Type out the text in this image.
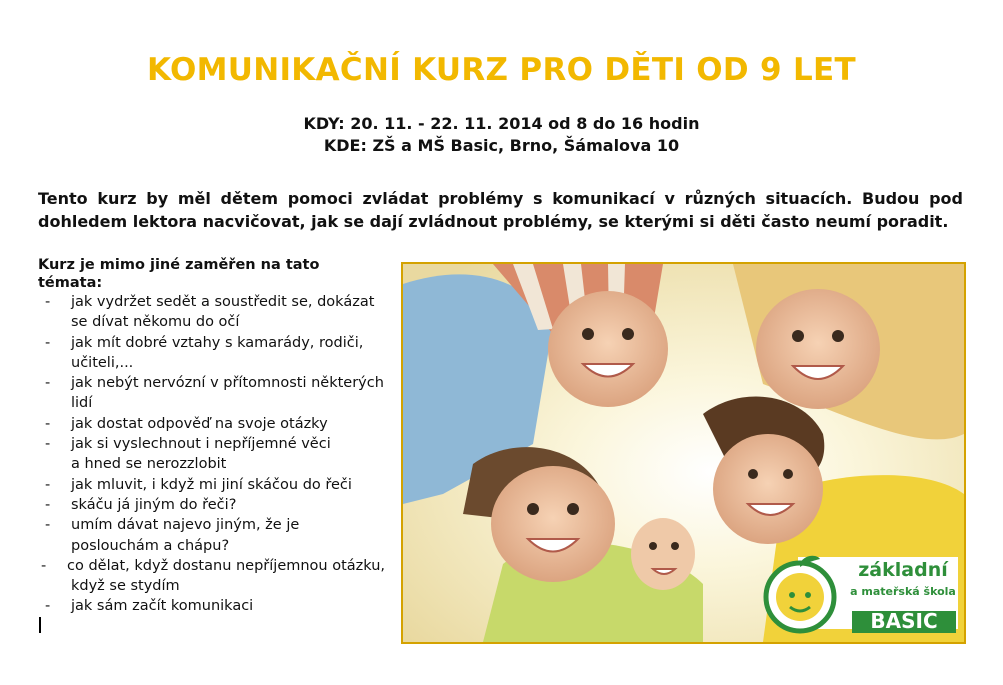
KOMUNIKAČNÍ KURZ PRO DĚTI OD 9 LET
KDY: 20. 11. - 22. 11. 2014 od 8 do 16 hodin
KDE: ZŠ a MŠ Basic, Brno, Šámalova 10
Tento kurz by měl dětem pomoci zvládat problémy s komunikací v různých situacích. Budou pod
dohledem lektora nacvičovat, jak se dají zvládnout problémy, se kterými si děti často neumí poradit.
Kurz je mimo jiné zaměřen na tato
témata:
- jak vydržet sedět a soustředit se, dokázat
se dívat někomu do očí
- jak mít dobré vztahy s kamarády, rodiči,
učiteli,...
- jak nebýt nervózní v přítomnosti některých
lidí
- jak dostat odpověď na svoje otázky
- jak si vyslechnout i nepříjemné věci
a hned se nerozzlobit
- jak mluvit, i když mi jiní skáčou do řeči
- skáču já jiným do řeči?
- umím dávat najevo jiným, že je
poslouchám a chápu?
- co dělat, když dostanu nepříjemnou otázku,
když se stydím
- jak sám začít komunikaci
základní
a mateřská škola
BASIC
